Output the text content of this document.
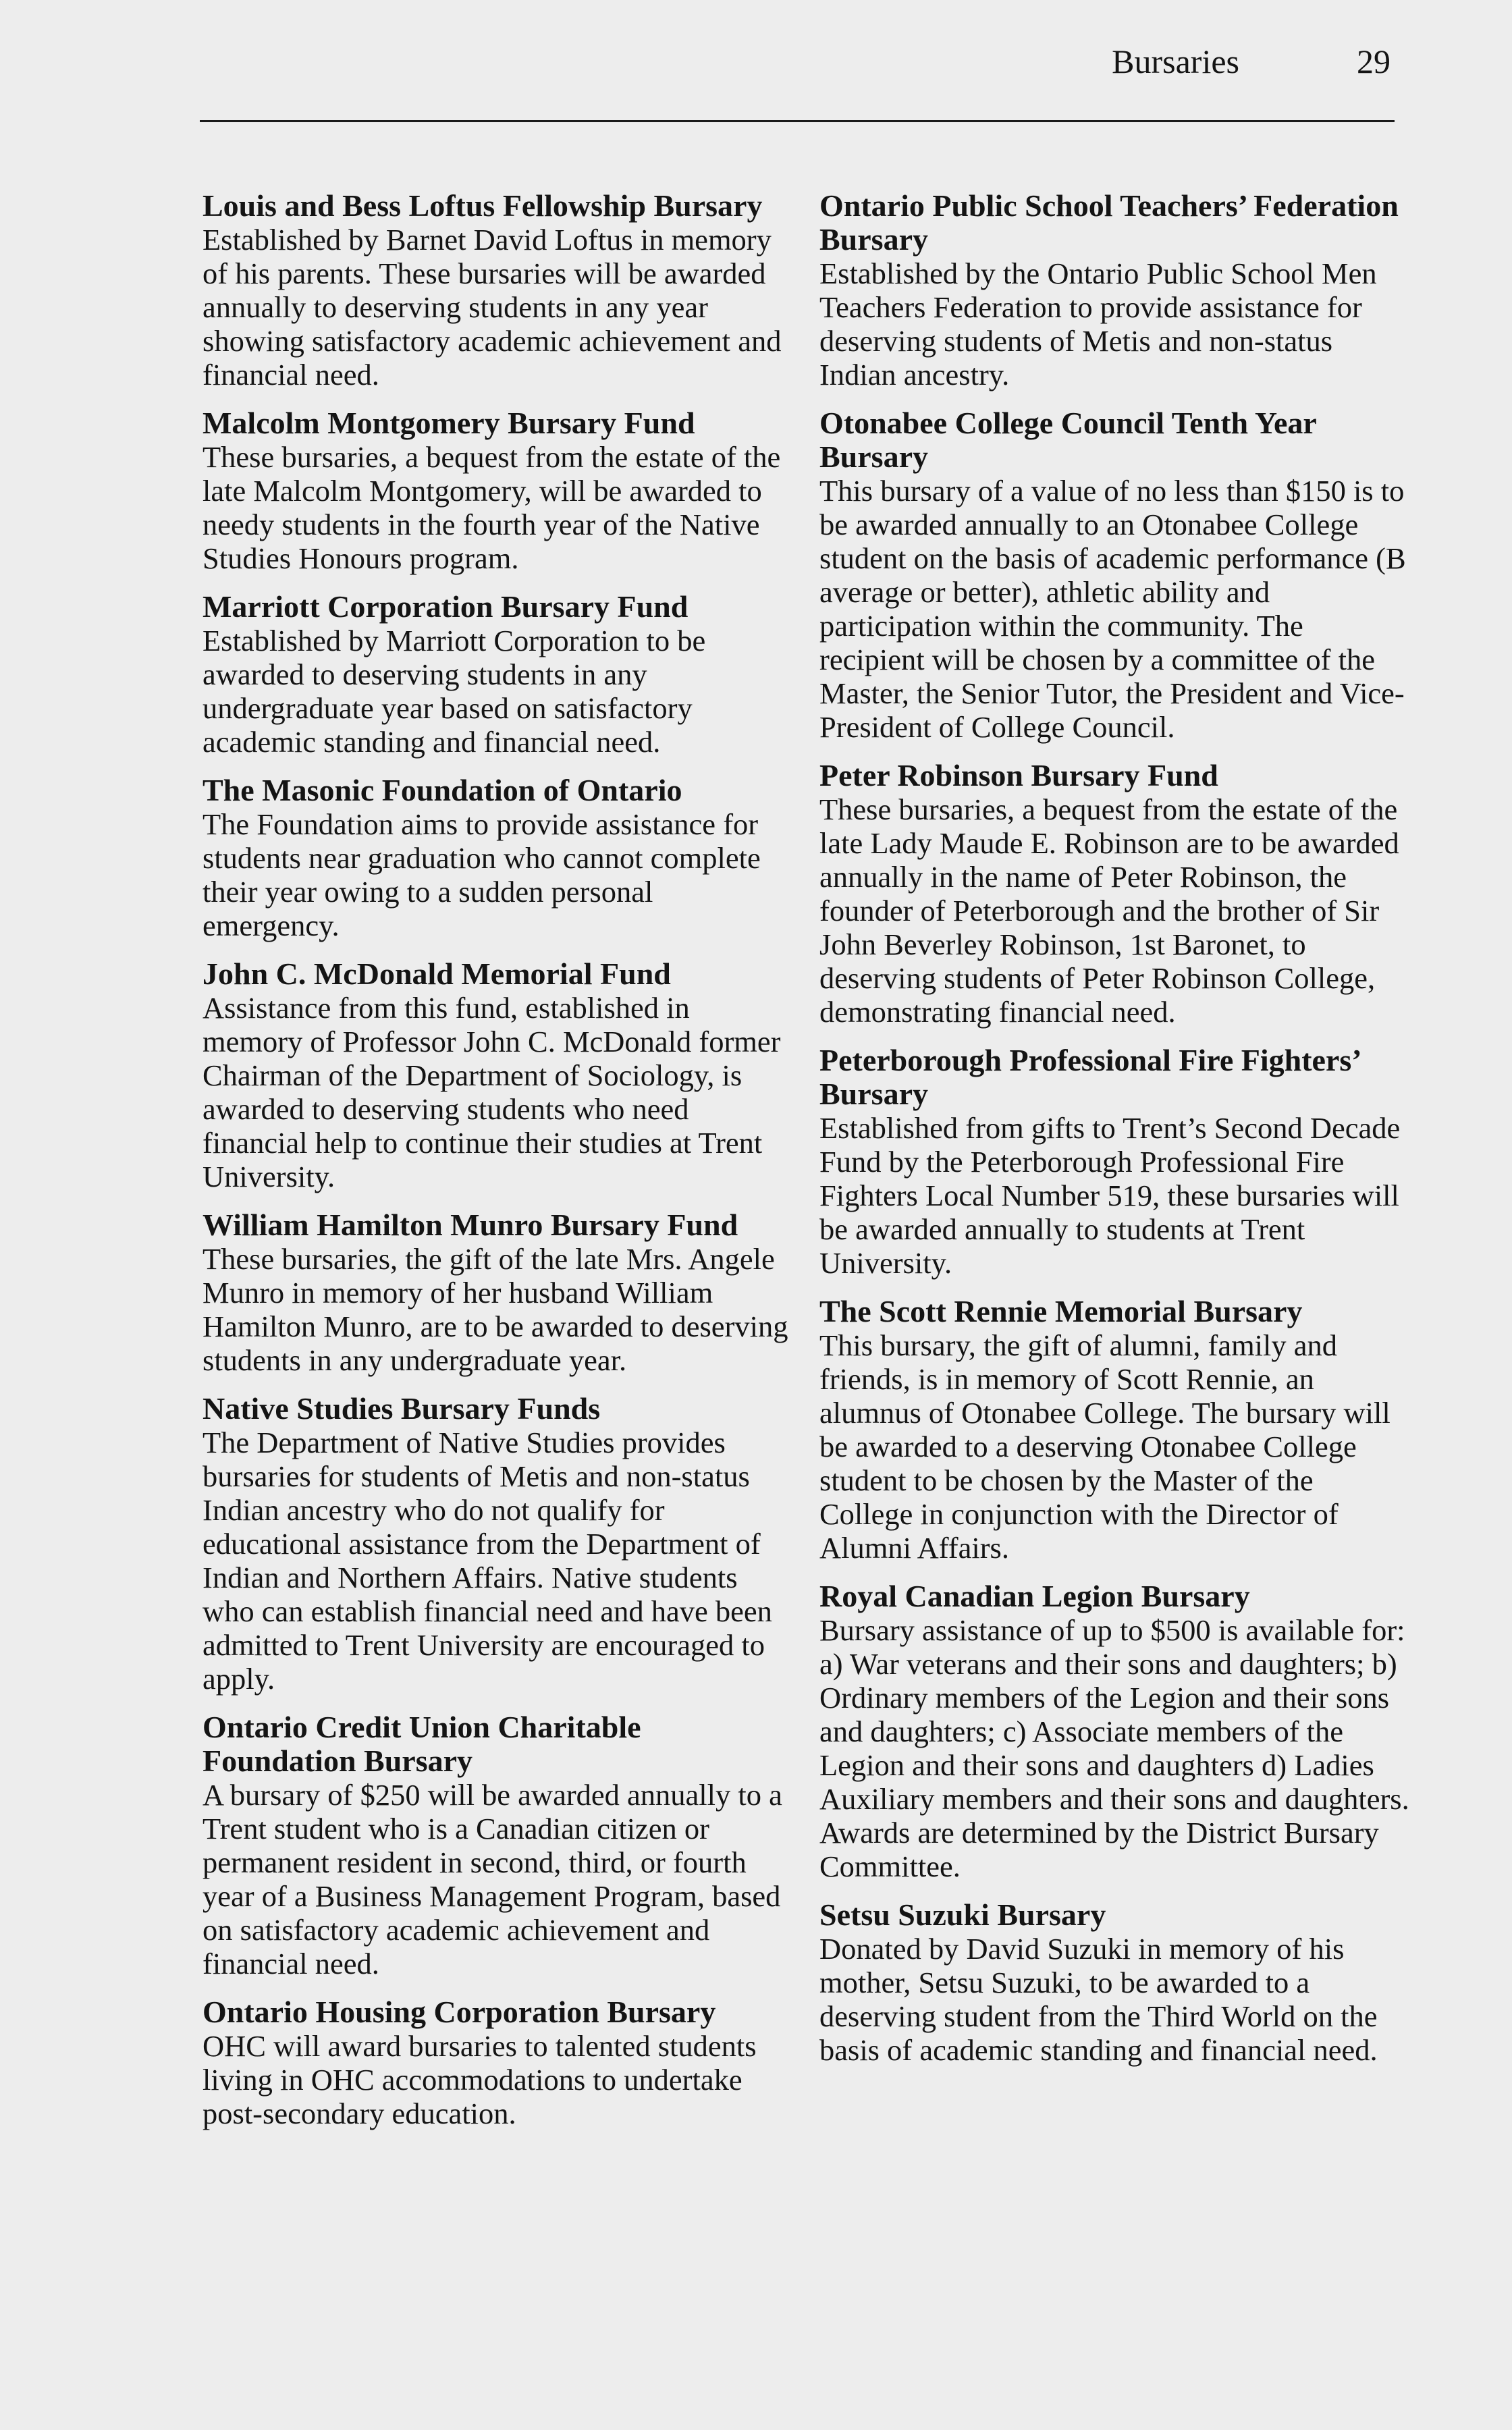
Bursaries	29
Louis and Bess Loftus Fellowship Bursary
Established by Barnet David Loftus in memory of his parents. These bursaries will be awarded annually to deserving students in any year showing satisfactory academic achievement and financial need.
Malcolm Montgomery Bursary Fund
These bursaries, a bequest from the estate of the late Malcolm Montgomery, will be awarded to needy students in the fourth year of the Native Studies Honours program.
Marriott Corporation Bursary Fund
Established by Marriott Corporation to be awarded to deserving students in any undergraduate year based on satisfactory academic standing and financial need.
The Masonic Foundation of Ontario
The Foundation aims to provide assistance for students near graduation who cannot complete their year owing to a sudden personal emergency.
John C. McDonald Memorial Fund
Assistance from this fund, established in memory of Professor John C. McDonald former Chairman of the Department of Sociology, is awarded to deserving students who need financial help to continue their studies at Trent University.
William Hamilton Munro Bursary Fund
These bursaries, the gift of the late Mrs. Angele Munro in memory of her husband William Hamilton Munro, are to be awarded to deserving students in any undergraduate year.
Native Studies Bursary Funds
The Department of Native Studies provides bursaries for students of Metis and non-status Indian ancestry who do not qualify for educational assistance from the Department of Indian and Northern Affairs. Native students who can establish financial need and have been admitted to Trent University are encouraged to apply.
Ontario Credit Union Charitable Foundation Bursary
A bursary of $250 will be awarded annually to a Trent student who is a Canadian citizen or permanent resident in second, third, or fourth year of a Business Management Program, based on satisfactory academic achievement and financial need.
Ontario Housing Corporation Bursary
OHC will award bursaries to talented students living in OHC accommodations to undertake post-secondary education.
Ontario Public School Teachers’ Federation Bursary
Established by the Ontario Public School Men Teachers Federation to provide assistance for deserving students of Metis and non-status Indian ancestry.
Otonabee College Council Tenth Year Bursary
This bursary of a value of no less than $150 is to be awarded annually to an Otonabee College student on the basis of academic performance (B average or better), athletic ability and participation within the community. The recipient will be chosen by a committee of the Master, the Senior Tutor, the President and Vice-President of College Council.
Peter Robinson Bursary Fund
These bursaries, a bequest from the estate of the late Lady Maude E. Robinson are to be awarded annually in the name of Peter Robinson, the founder of Peterborough and the brother of Sir John Beverley Robinson, 1st Baronet, to deserving students of Peter Robinson College, demonstrating financial need.
Peterborough Professional Fire Fighters’ Bursary
Established from gifts to Trent’s Second Decade Fund by the Peterborough Professional Fire Fighters Local Number 519, these bursaries will be awarded annually to students at Trent University.
The Scott Rennie Memorial Bursary
This bursary, the gift of alumni, family and friends, is in memory of Scott Rennie, an alumnus of Otonabee College. The bursary will be awarded to a deserving Otonabee College student to be chosen by the Master of the College in conjunction with the Director of Alumni Affairs.
Royal Canadian Legion Bursary
Bursary assistance of up to $500 is available for: a) War veterans and their sons and daughters; b) Ordinary members of the Legion and their sons and daughters; c) Associate members of the Legion and their sons and daughters d) Ladies Auxiliary members and their sons and daughters. Awards are determined by the District Bursary Committee.
Setsu Suzuki Bursary
Donated by David Suzuki in memory of his mother, Setsu Suzuki, to be awarded to a deserving student from the Third World on the basis of academic standing and financial need.
